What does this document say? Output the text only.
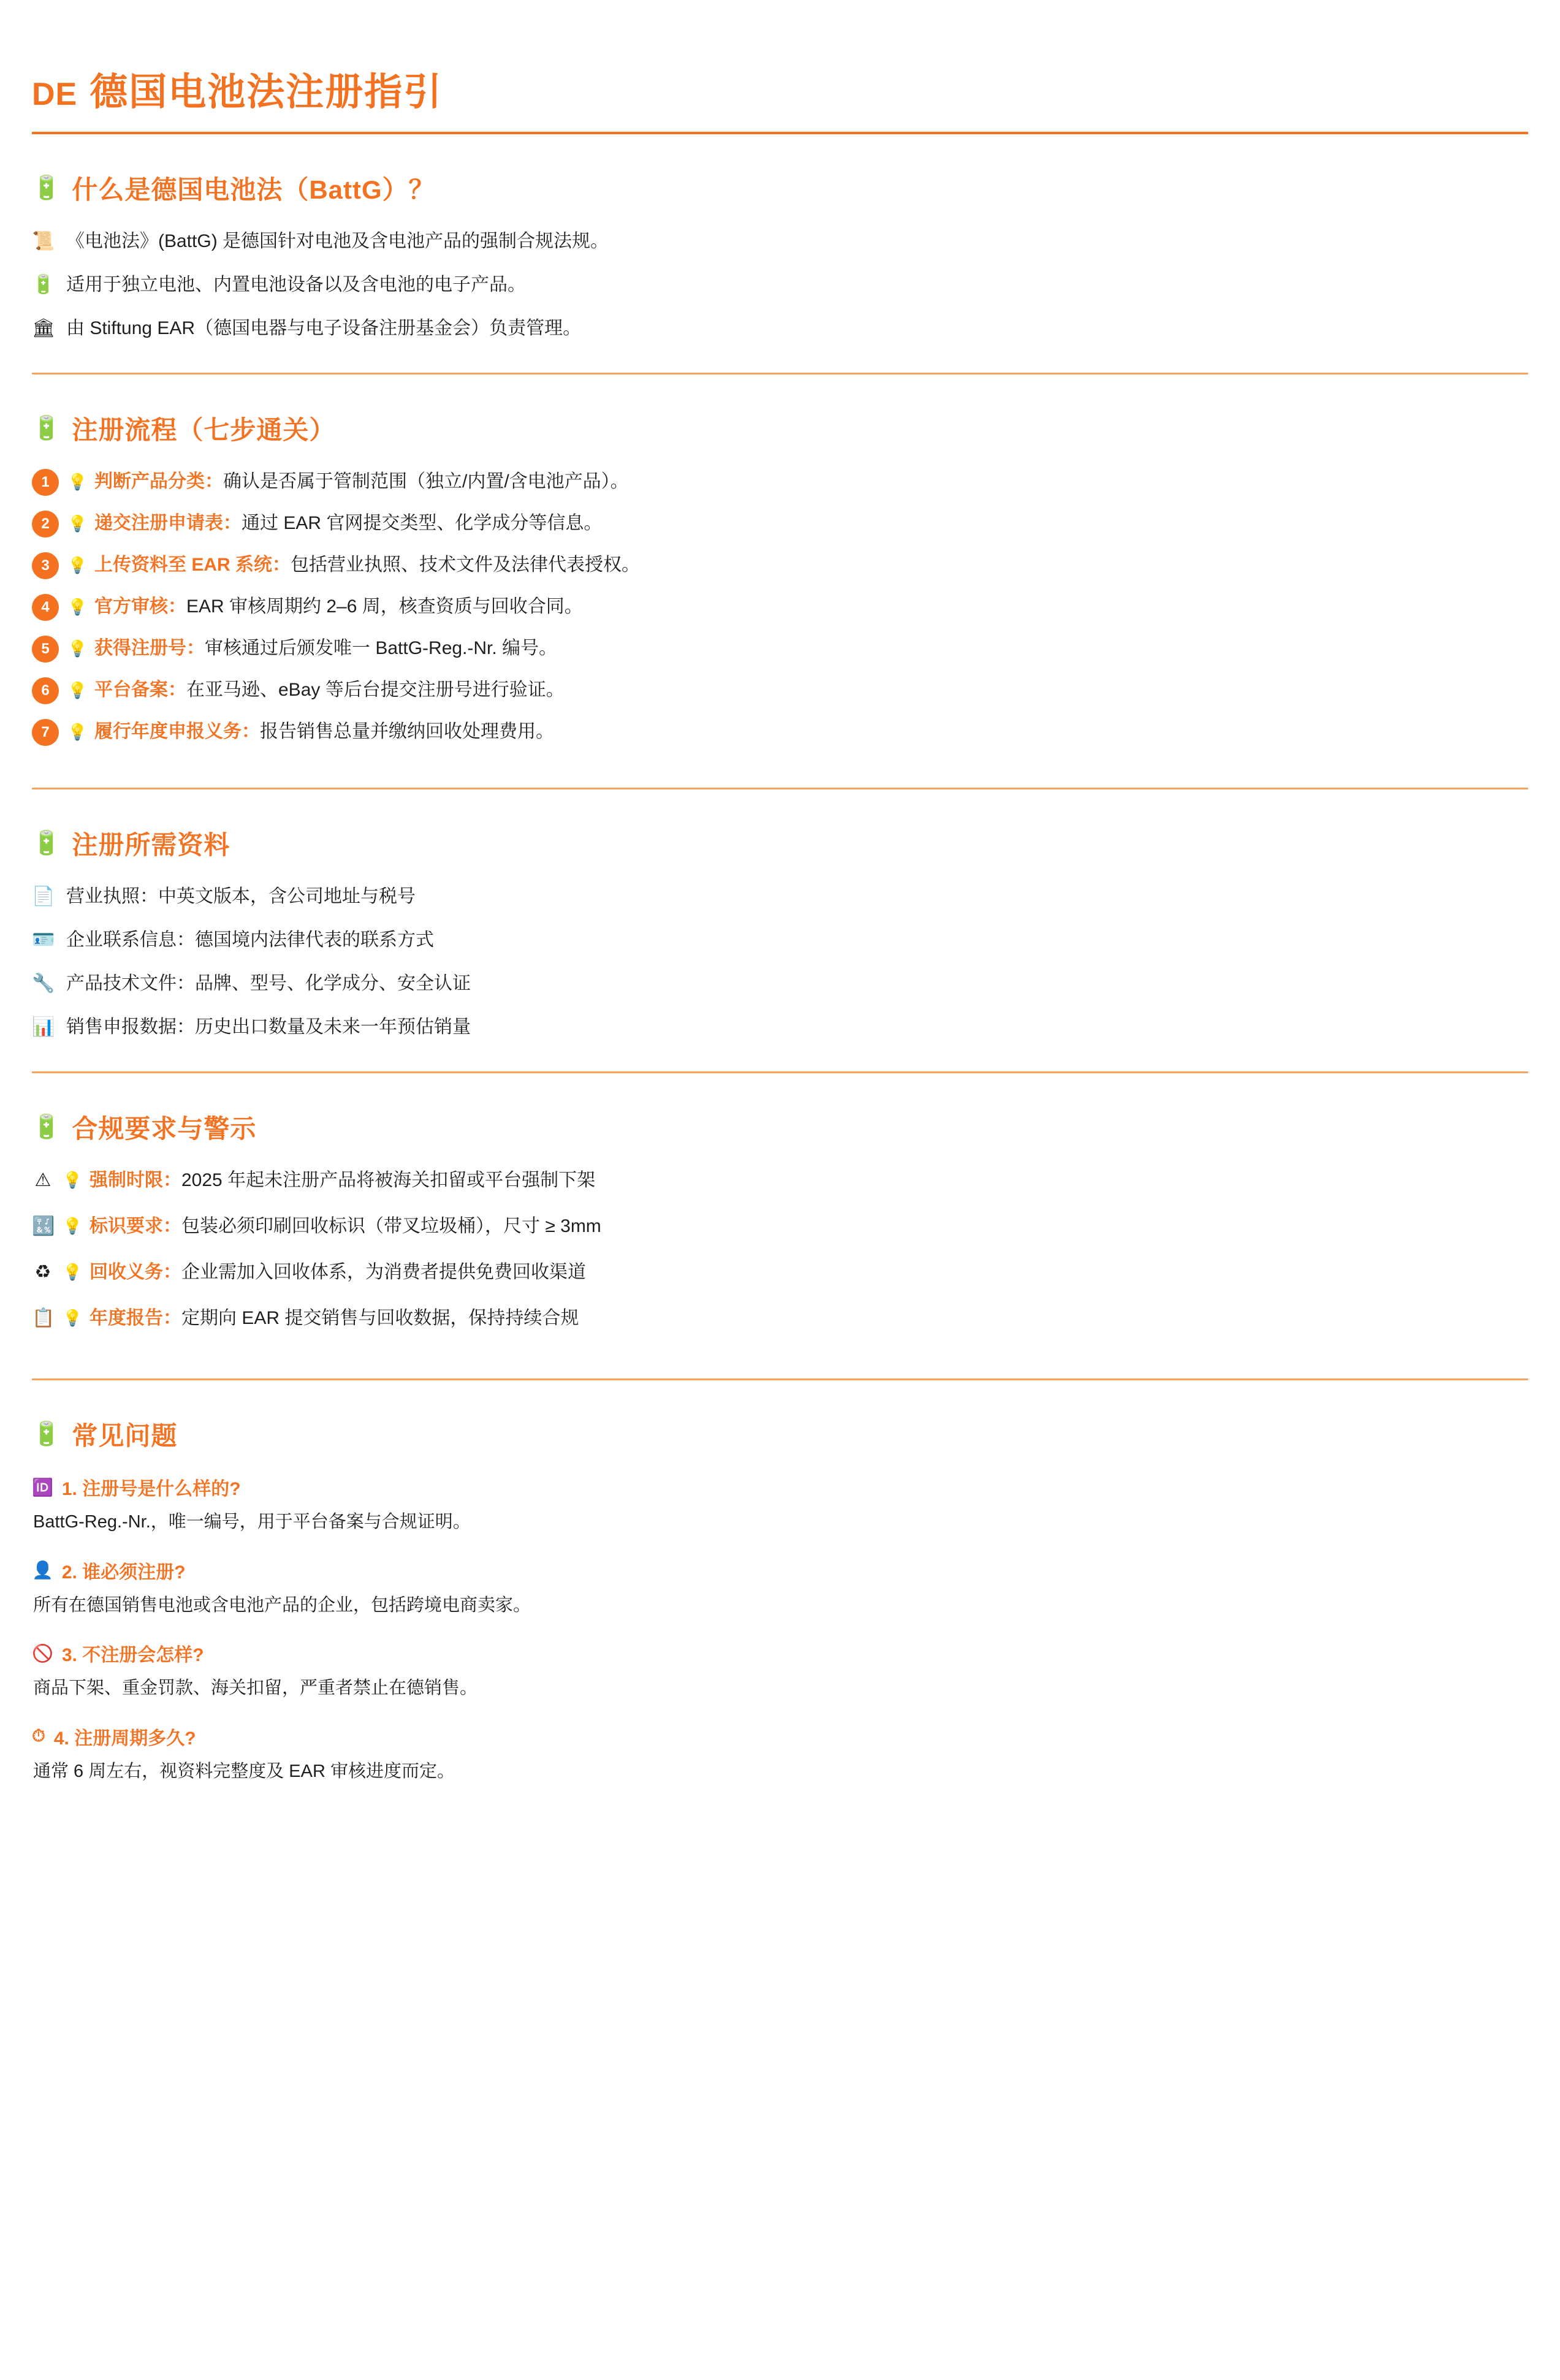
DE 德国电池法注册指引
🔋 什么是德国电池法（BattG）？
📜 《电池法》(BattG) 是德国针对电池及含电池产品的强制合规法规。
🔋 适用于独立电池、内置电池设备以及含电池的电子产品。
🏛 由 Stiftung EAR（德国电器与电子设备注册基金会）负责管理。
🔋 注册流程（七步通关）
1	💡 判断产品分类：确认是否属于管制范围（独立/内置/含电池产品）。
2	💡 递交注册申请表：通过 EAR 官网提交类型、化学成分等信息。
3	💡 上传资料至 EAR 系统：包括营业执照、技术文件及法律代表授权。
4	💡 官方审核：EAR 审核周期约 2–6 周，核查资质与回收合同。
5	💡 获得注册号：审核通过后颁发唯一 BattG-Reg.-Nr. 编号。
6	💡 平台备案：在亚马逊、eBay 等后台提交注册号进行验证。
7	💡 履行年度申报义务：报告销售总量并缴纳回收处理费用。
🔋 注册所需资料
📄 营业执照：中英文版本，含公司地址与税号
🪪 企业联系信息：德国境内法律代表的联系方式
🔧 产品技术文件：品牌、型号、化学成分、安全认证
📊 销售申报数据：历史出口数量及未来一年预估销量
🔋 合规要求与警示
⚠ 💡 强制时限：2025 年起未注册产品将被海关扣留或平台强制下架
🔣 💡 标识要求：包装必须印刷回收标识（带叉垃圾桶），尺寸 ≥ 3mm
♻ 💡 回收义务：企业需加入回收体系，为消费者提供免费回收渠道
📋 💡 年度报告：定期向 EAR 提交销售与回收数据，保持持续合规
🔋 常见问题
🆔 1. 注册号是什么样的?
BattG-Reg.-Nr.，唯一编号，用于平台备案与合规证明。
👤 2. 谁必须注册?
所有在德国销售电池或含电池产品的企业，包括跨境电商卖家。
🚫 3. 不注册会怎样?
商品下架、重金罚款、海关扣留，严重者禁止在德销售。
⏱ 4. 注册周期多久?
通常 6 周左右，视资料完整度及 EAR 审核进度而定。
